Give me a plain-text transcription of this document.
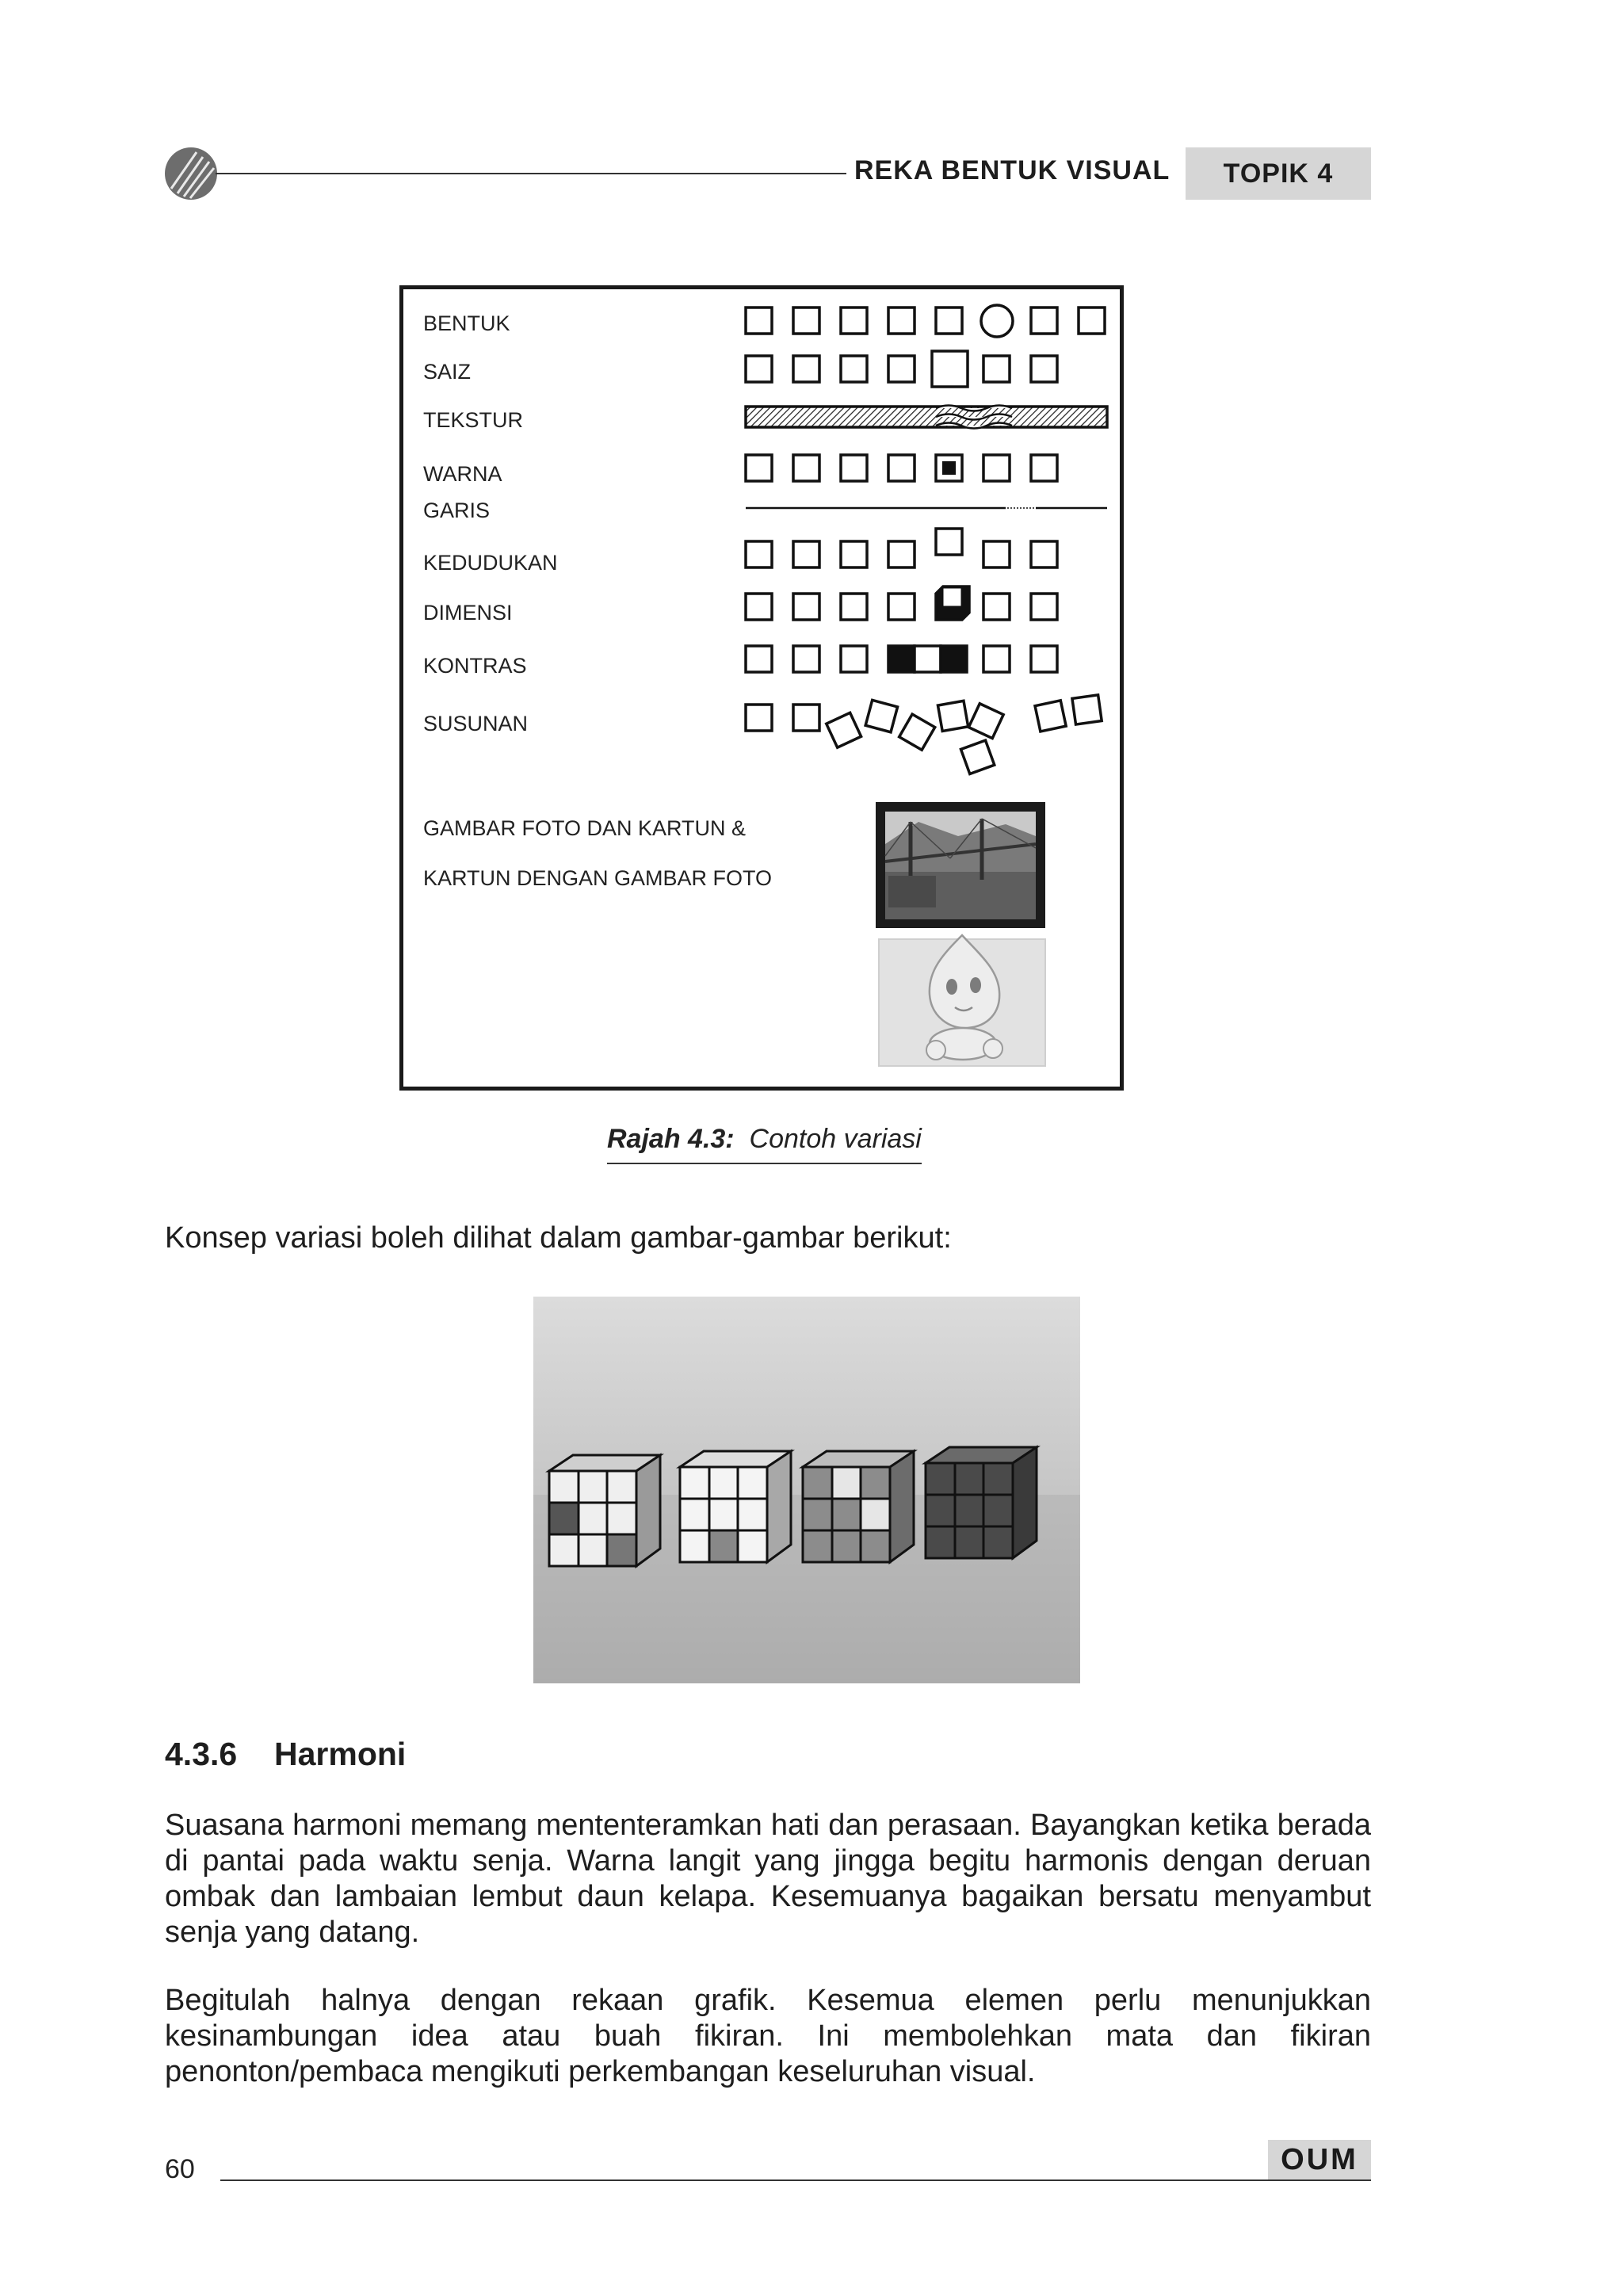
REKA BENTUK VISUAL	TOPIK 4
BENTUK
SAIZ
TEKSTUR
WARNA
GARIS
KEDUDUKAN
DIMENSI
KONTRAS
SUSUNAN
GAMBAR FOTO DAN KARTUN &
KARTUN DENGAN GAMBAR FOTO
Rajah 4.3: Contoh variasi

Konsep variasi boleh dilihat dalam gambar-gambar berikut:

4.3.6 Harmoni

Suasana harmoni memang mententeramkan hati dan perasaan. Bayangkan ketika berada di pantai pada waktu senja. Warna langit yang jingga begitu harmonis dengan deruan ombak dan lambaian lembut daun kelapa. Kesemuanya bagaikan bersatu menyambut senja yang datang.

Begitulah halnya dengan rekaan grafik. Kesemua elemen perlu menunjukkan kesinambungan idea atau buah fikiran. Ini membolehkan mata dan fikiran penonton/pembaca mengikuti perkembangan keseluruhan visual.

60	OUM
